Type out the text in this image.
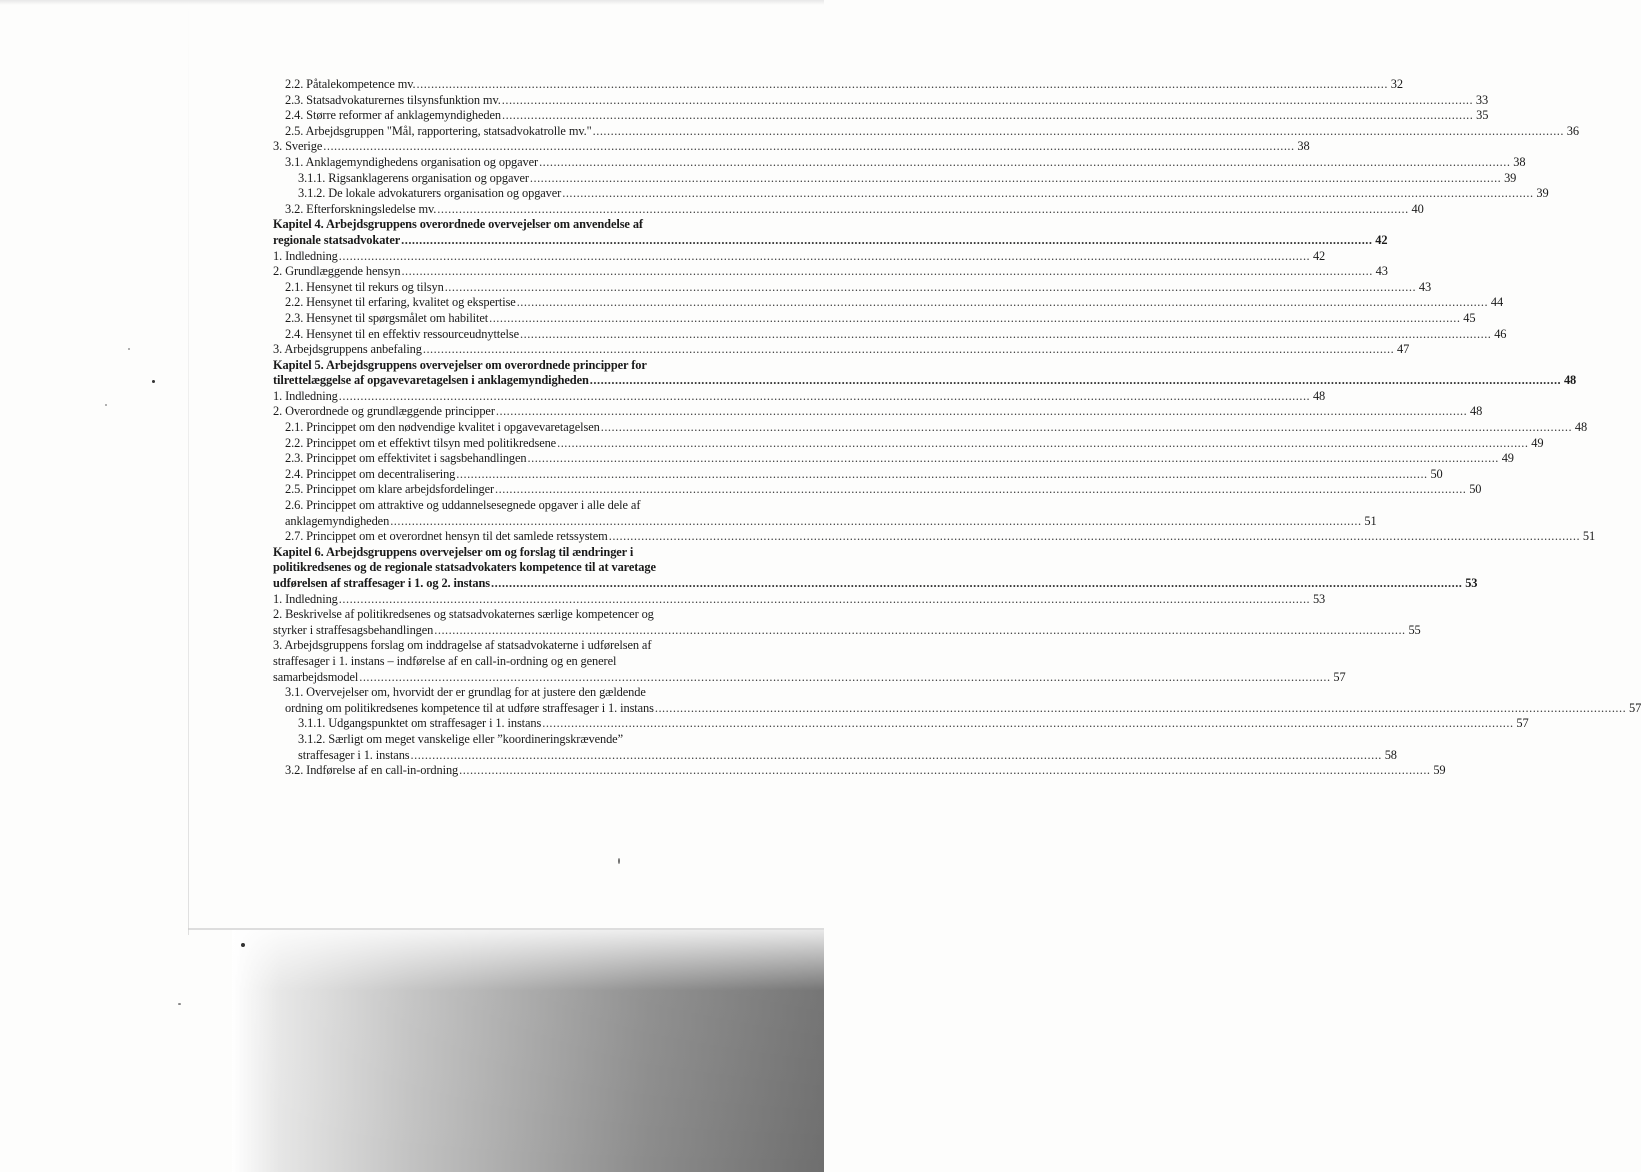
2.2. Påtalekompetence mv. .....	32
2.3. Statsadvokaturernes tilsynsfunktion mv. .....	33
2.4. Større reformer af anklagemyndigheden .....	35
2.5. Arbejdsgruppen "Mål, rapportering, statsadvokatrolle mv." .....	36
3. Sverige .....	38
3.1. Anklagemyndighedens organisation og opgaver .....	38
3.1.1. Rigsanklagerens organisation og opgaver .....	39
3.1.2. De lokale advokaturers organisation og opgaver .....	39
3.2. Efterforskningsledelse mv. .....	40
Kapitel 4. Arbejdsgruppens overordnede overvejelser om anvendelse af
regionale statsadvokater .....	42
1. Indledning .....	42
2. Grundlæggende hensyn .....	43
2.1. Hensynet til rekurs og tilsyn .....	43
2.2. Hensynet til erfaring, kvalitet og ekspertise .....	44
2.3. Hensynet til spørgsmålet om habilitet .....	45
2.4. Hensynet til en effektiv ressourceudnyttelse .....	46
3. Arbejdsgruppens anbefaling .....	47
Kapitel 5. Arbejdsgruppens overvejelser om overordnede principper for
tilrettelæggelse af opgavevaretagelsen i anklagemyndigheden .....	48
1. Indledning .....	48
2. Overordnede og grundlæggende principper .....	48
2.1. Princippet om den nødvendige kvalitet i opgavevaretagelsen .....	48
2.2. Princippet om et effektivt tilsyn med politikredsene .....	49
2.3. Princippet om effektivitet i sagsbehandlingen .....	49
2.4. Princippet om decentralisering .....	50
2.5. Princippet om klare arbejdsfordelinger .....	50
2.6. Princippet om attraktive og uddannelsesegnede opgaver i alle dele af
anklagemyndigheden .....	51
2.7. Princippet om et overordnet hensyn til det samlede retssystem .....	51
Kapitel 6. Arbejdsgruppens overvejelser om og forslag til ændringer i
politikredsenes og de regionale statsadvokaters kompetence til at varetage
udførelsen af straffesager i 1. og 2. instans .....	53
1. Indledning .....	53
2. Beskrivelse af politikredsenes og statsadvokaternes særlige kompetencer og
styrker i straffesagsbehandlingen .....	55
3. Arbejdsgruppens forslag om inddragelse af statsadvokaterne i udførelsen af
straffesager i 1. instans – indførelse af en call-in-ordning og en generel
samarbejdsmodel .....	57
3.1. Overvejelser om, hvorvidt der er grundlag for at justere den gældende
ordning om politikredsenes kompetence til at udføre straffesager i 1. instans .....	57
3.1.1. Udgangspunktet om straffesager i 1. instans .....	57
3.1.2. Særligt om meget vanskelige eller ”koordineringskrævende”
straffesager i 1. instans .....	58
3.2. Indførelse af en call-in-ordning .....	59
